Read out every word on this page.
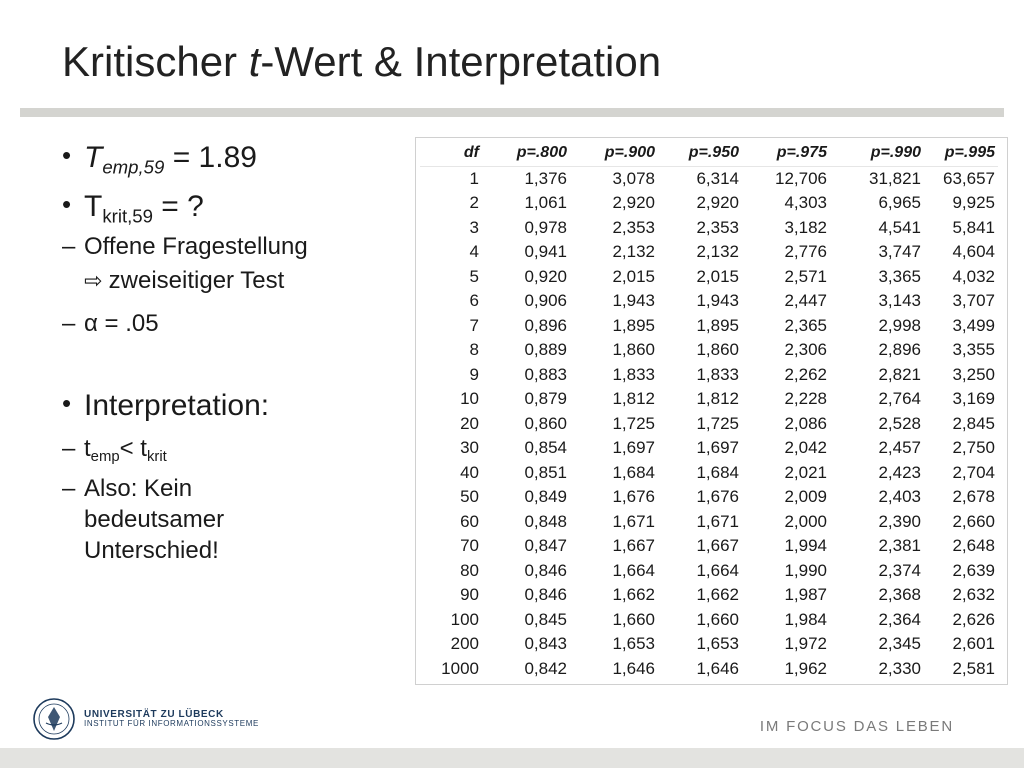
Kritischer t-Wert & Interpretation
• $T_{emp,59} = 1.89$
• $T_{krit,59}$ = ?
– Offene Fragestellung
⇨ zweiseitiger Test
– α = .05
• Interpretation:
– $t_{emp}< t_{krit}$
– Also: Kein
bedeutsamer
Unterschied!
df	p=.800	p=.900	p=.950	p=.975	p=.990	p=.995
1	1,376	3,078	6,314	12,706	31,821	63,657
2	1,061	2,920	2,920	4,303	6,965	9,925
3	0,978	2,353	2,353	3,182	4,541	5,841
4	0,941	2,132	2,132	2,776	3,747	4,604
5	0,920	2,015	2,015	2,571	3,365	4,032
6	0,906	1,943	1,943	2,447	3,143	3,707
7	0,896	1,895	1,895	2,365	2,998	3,499
8	0,889	1,860	1,860	2,306	2,896	3,355
9	0,883	1,833	1,833	2,262	2,821	3,250
10	0,879	1,812	1,812	2,228	2,764	3,169
20	0,860	1,725	1,725	2,086	2,528	2,845
30	0,854	1,697	1,697	2,042	2,457	2,750
40	0,851	1,684	1,684	2,021	2,423	2,704
50	0,849	1,676	1,676	2,009	2,403	2,678
60	0,848	1,671	1,671	2,000	2,390	2,660
70	0,847	1,667	1,667	1,994	2,381	2,648
80	0,846	1,664	1,664	1,990	2,374	2,639
90	0,846	1,662	1,662	1,987	2,368	2,632
100	0,845	1,660	1,660	1,984	2,364	2,626
200	0,843	1,653	1,653	1,972	2,345	2,601
1000	0,842	1,646	1,646	1,962	2,330	2,581
UNIVERSITÄT ZU LÜBECK
INSTITUT FÜR INFORMATIONSSYSTEME	IM FOCUS DAS LEBEN
